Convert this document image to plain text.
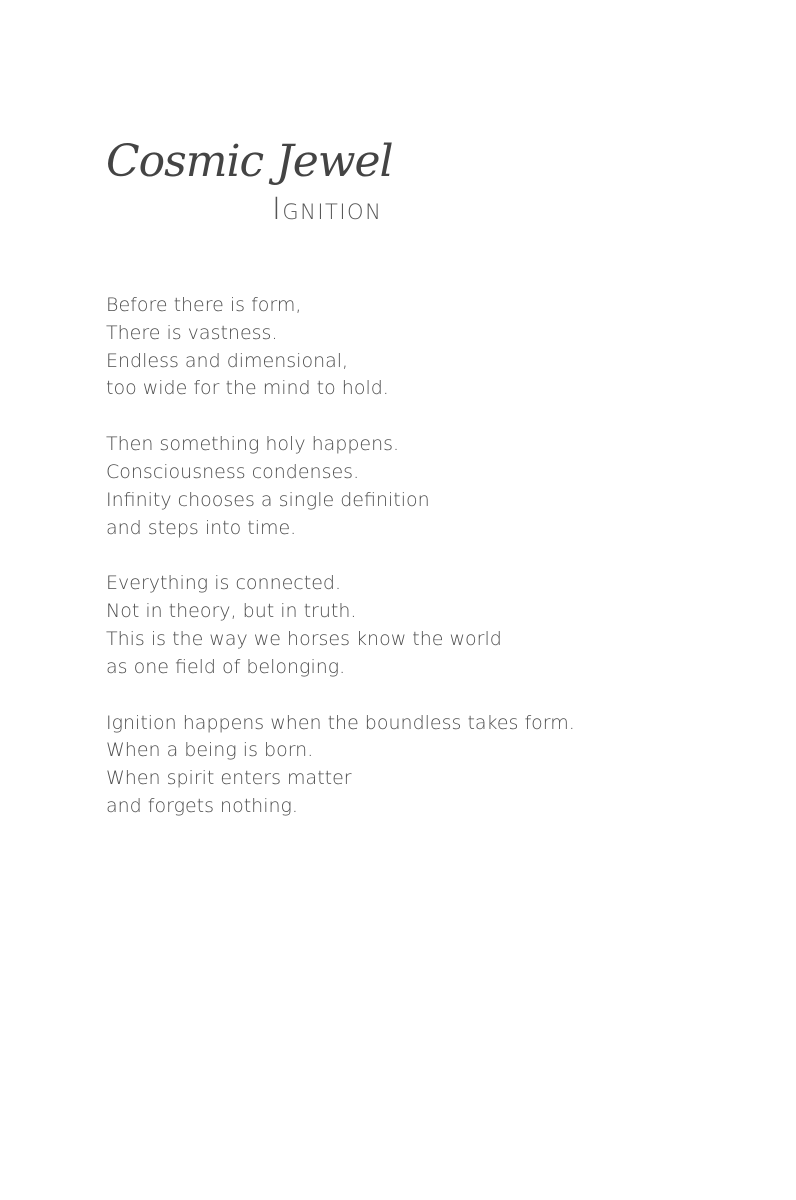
Cosmic Jewel
Ignition
Before there is form,
There is vastness.
Endless and dimensional,
too wide for the mind to hold.
Then something holy happens.
Consciousness condenses.
Infinity chooses a single definition
and steps into time.
Everything is connected.
Not in theory, but in truth.
This is the way we horses know the world
as one field of belonging.
Ignition happens when the boundless takes form.
When a being is born.
When spirit enters matter
and forgets nothing.
